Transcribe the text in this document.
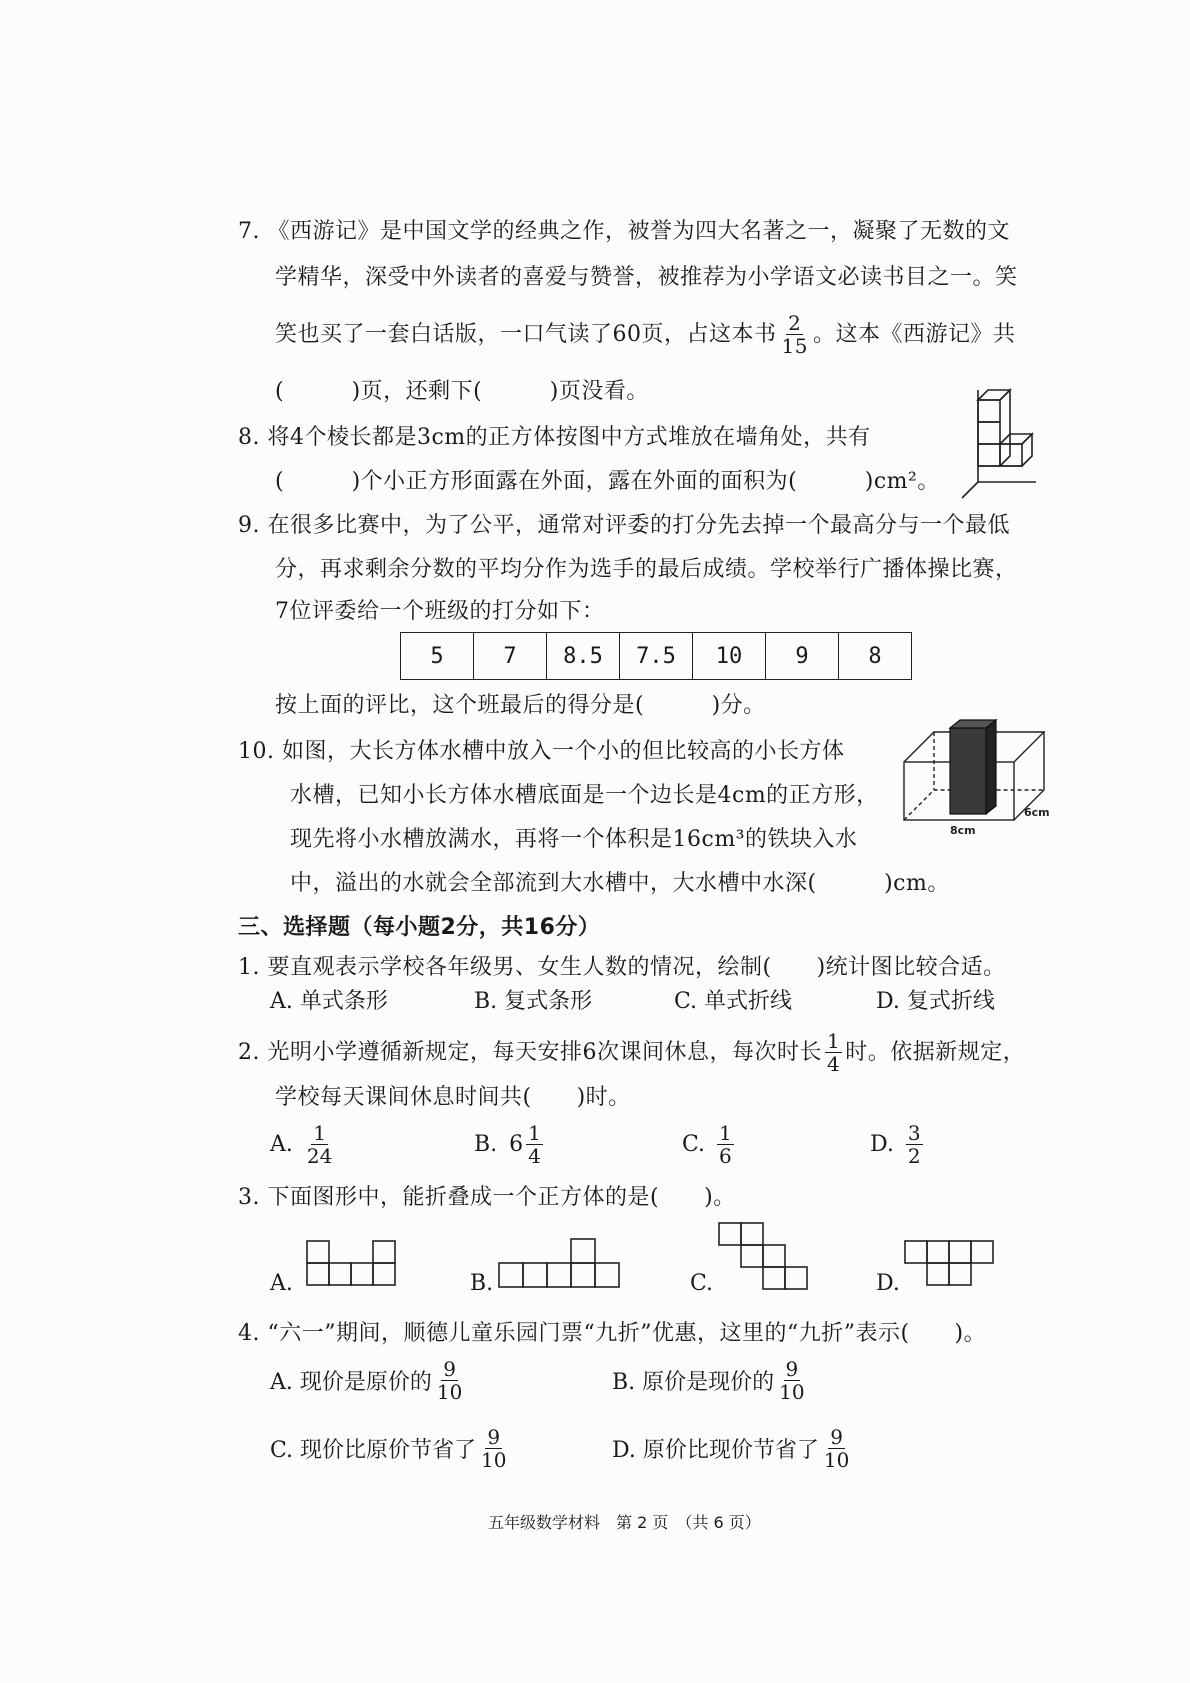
7. 《西游记》是中国文学的经典之作，被誉为四大名著之一，凝聚了无数的文
学精华，深受中外读者的喜爱与赞誉，被推荐为小学语文必读书目之一。笑
笑也买了一套白话版，一口气读了60页，占这本书 $\frac{2}{15}$ 。这本《西游记》共
(　　　)页，还剩下(　　　)页没看。
8. 将4个棱长都是3cm的正方体按图中方式堆放在墙角处，共有
(　　　)个小正方形面露在外面，露在外面的面积为(　　　)cm²。
9. 在很多比赛中，为了公平，通常对评委的打分先去掉一个最高分与一个最低
分，再求剩余分数的平均分作为选手的最后成绩。学校举行广播体操比赛，
7位评委给一个班级的打分如下：
5	7	8.5	7.5	10	9	8
按上面的评比，这个班最后的得分是(　　　)分。
10. 如图，大长方体水槽中放入一个小的但比较高的小长方体
水槽，已知小长方体水槽底面是一个边长是4cm的正方形，
现先将小水槽放满水，再将一个体积是16cm³的铁块入水
中，溢出的水就会全部流到大水槽中，大水槽中水深(　　　)cm。
8cm
6cm
三、选择题（每小题2分，共16分）
1. 要直观表示学校各年级男、女生人数的情况，绘制(　　)统计图比较合适。
A. 单式条形	B. 复式条形	C. 单式折线	D. 复式折线
2. 光明小学遵循新规定，每天安排6次课间休息，每次时长 $\frac{1}{4}$ 时。依据新规定，
学校每天课间休息时间共(　　)时。
A. $\frac{1}{24}$	B. $6 \frac{1}{4}$	C. $\frac{1}{6}$	D. $\frac{3}{2}$
3. 下面图形中，能折叠成一个正方体的是(　　)。
A.	B.	C.	D.
4. “六一”期间，顺德儿童乐园门票“九折”优惠，这里的“九折”表示(　　)。
A. 现价是原价的 $\frac{9}{10}$	B. 原价是现价的 $\frac{9}{10}$
C. 现价比原价节省了 $\frac{9}{10}$	D. 原价比现价节省了 $\frac{9}{10}$
五年级数学材料　第 2 页　（共 6 页）
